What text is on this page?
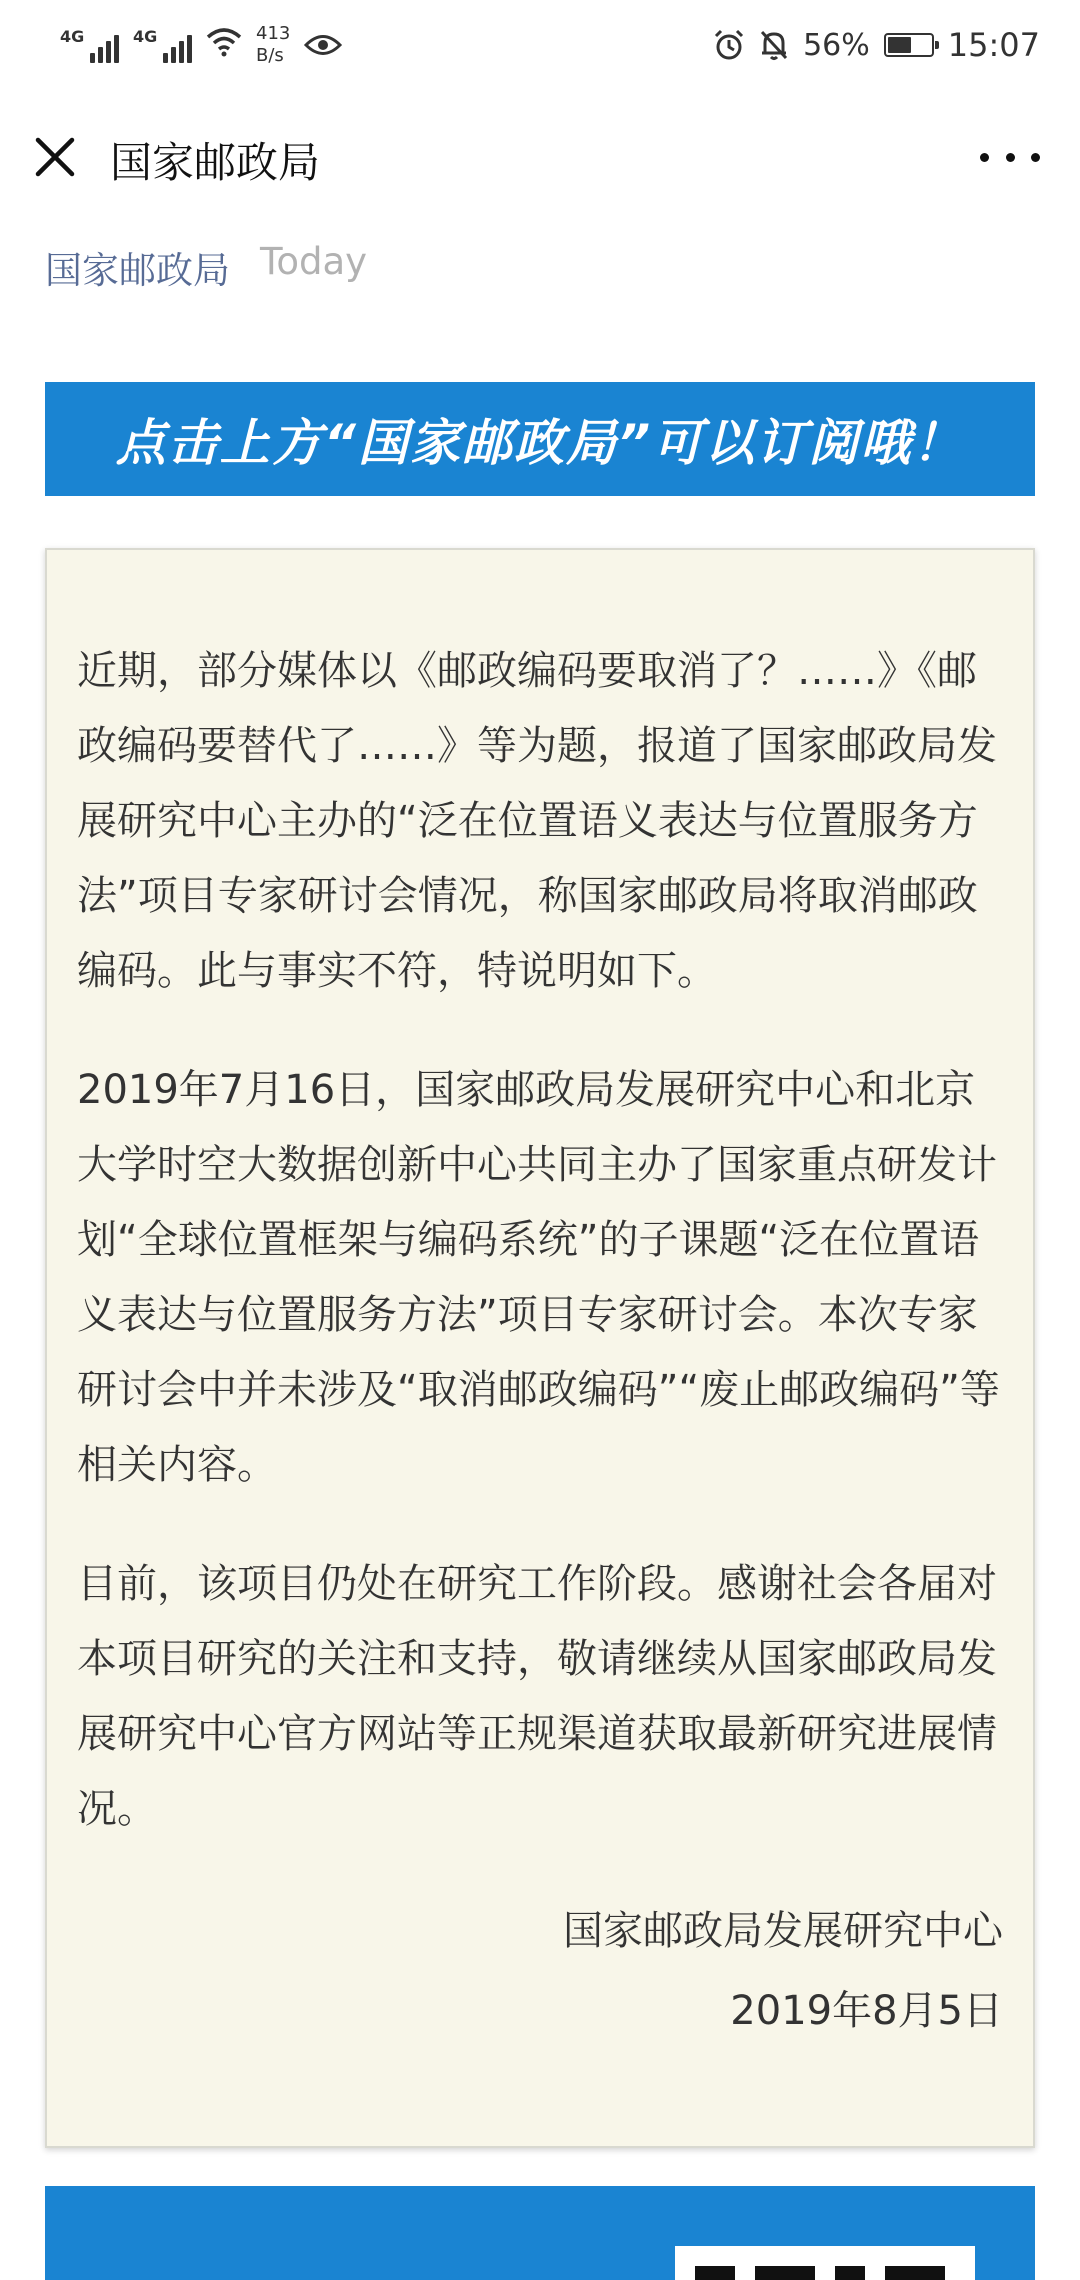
4G	4G	413
B/s	56% 15:07
国家邮政局
国家邮政局 Today
点击上方“国家邮政局”可以订阅哦！

近期，部分媒体以《邮政编码要取消了？……》《邮政编码要替代了……》等为题，报道了国家邮政局发展研究中心主办的“泛在位置语义表达与位置服务方法”项目专家研讨会情况，称国家邮政局将取消邮政编码。此与事实不符，特说明如下。

2019年7月16日，国家邮政局发展研究中心和北京大学时空大数据创新中心共同主办了国家重点研发计划“全球位置框架与编码系统”的子课题“泛在位置语义表达与位置服务方法”项目专家研讨会。本次专家研讨会中并未涉及“取消邮政编码”“废止邮政编码”等相关内容。

目前，该项目仍处在研究工作阶段。感谢社会各届对本项目研究的关注和支持，敬请继续从国家邮政局发展研究中心官方网站等正规渠道获取最新研究进展情况。

国家邮政局发展研究中心

2019年8月5日
